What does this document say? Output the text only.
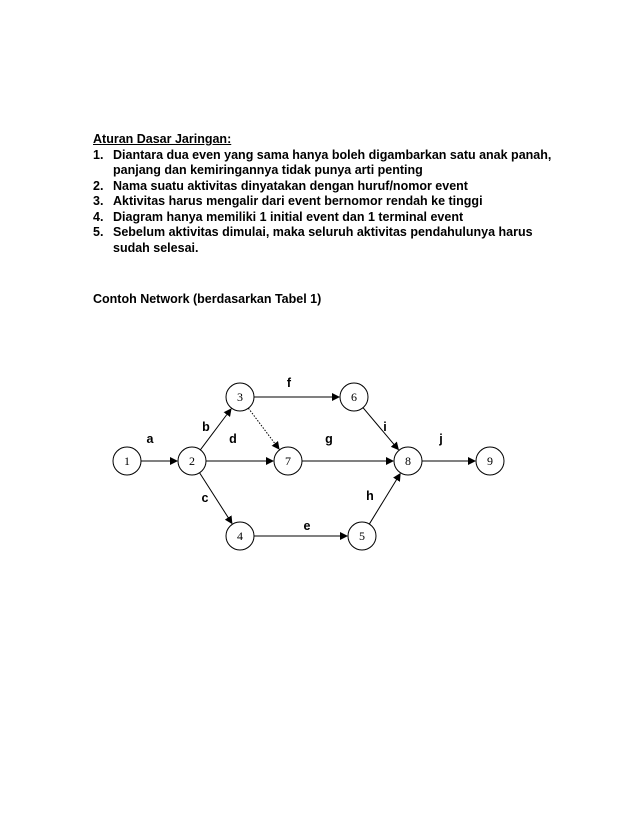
Aturan Dasar Jaringan:
1. Diantara dua even yang sama hanya boleh digambarkan satu anak panah, panjang dan kemiringannya tidak punya arti penting
2. Nama suatu aktivitas dinyatakan dengan huruf/nomor event
3. Aktivitas harus mengalir dari event bernomor rendah ke tinggi
4. Diagram hanya memiliki 1 initial event dan 1 terminal event
5. Sebelum aktivitas dimulai, maka seluruh aktivitas pendahulunya harus sudah selesai.
Contoh Network (berdasarkan Tabel 1)
a
b
c
d
f
e
g
h
i
j
1	2
3
4	5
6
7	8	9
